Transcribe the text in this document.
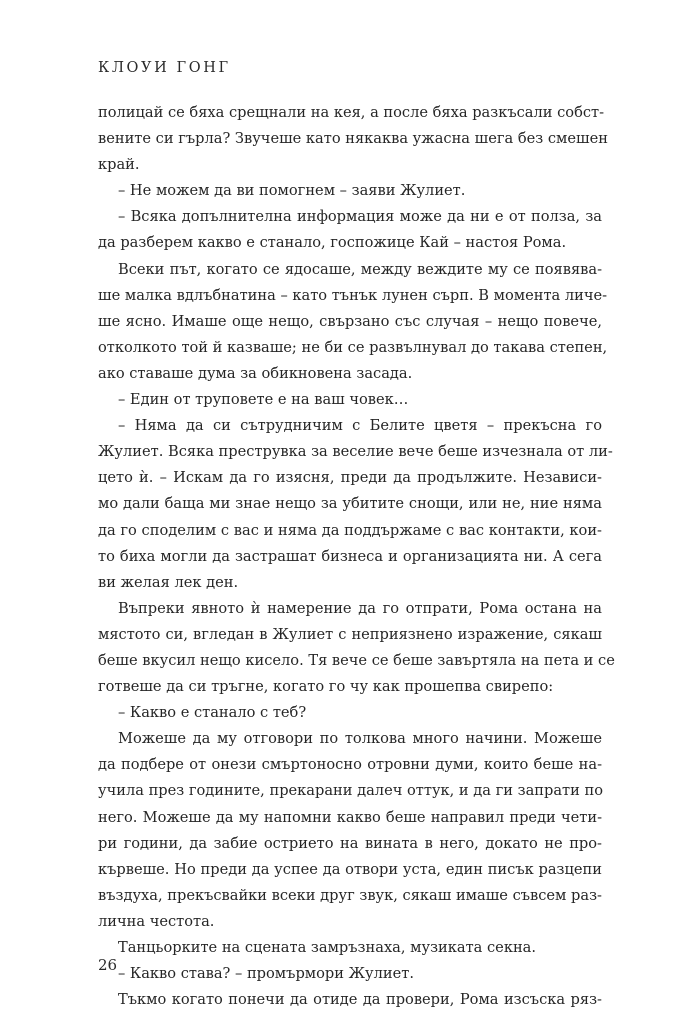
КЛОУИ ГОНГ
полицай се бяха срещнали на кея, а после бяха разкъсали собст-
вените си гърла? Звучеше като някаква ужасна шега без смешен
край.
– Не можем да ви помогнем – заяви Жулиет.
– Всяка допълнителна информация може да ни е от полза, за
да разберем какво е станало, госпожице Кай – настоя Рома.
Всеки път, когато се ядосаше, между веждите му се появява-
ше малка вдлъбнатина – като тънък лунен сърп. В момента личе-
ше ясно. Имаше още нещо, свързано със случая – нещо повече,
отколкото той й казваше; не би се развълнувал до такава степен,
ако ставаше дума за обикновена засада.
– Един от труповете е на ваш човек…
– Няма да си сътрудничим с Белите цветя – прекъсна го
Жулиет. Всяка преструвка за веселие вече беше изчезнала от ли-
цето ѝ. – Искам да го изясня, преди да продължите. Независи-
мо дали баща ми знае нещо за убитите снощи, или не, ние няма
да го споделим с вас и няма да поддържаме с вас контакти, кои-
то биха могли да застрашат бизнеса и организацията ни. А сега
ви желая лек ден.
Въпреки явното ѝ намерение да го отпрати, Рома остана на
мястото си, вгледан в Жулиет с неприязнено изражение, сякаш
беше вкусил нещо кисело. Тя вече се беше завъртяла на пета и се
готвеше да си тръгне, когато го чу как прошепва свирепо:
– Какво е станало с теб?
Можеше да му отговори по толкова много начини. Можеше
да подбере от онези смъртоносно отровни думи, които беше на-
учила през годините, прекарани далеч оттук, и да ги запрати по
него. Можеше да му напомни какво беше направил преди чети-
ри години, да забие острието на вината в него, докато не про-
кървеше. Но преди да успее да отвори уста, един писък разцепи
въздуха, прекъсвайки всеки друг звук, сякаш имаше съвсем раз-
лична честота.
Танцьорките на сцената замръзнаха, музиката секна.
– Какво става? – промърмори Жулиет.
Тъкмо когато понечи да отиде да провери, Рома изсъска ряз-
26
